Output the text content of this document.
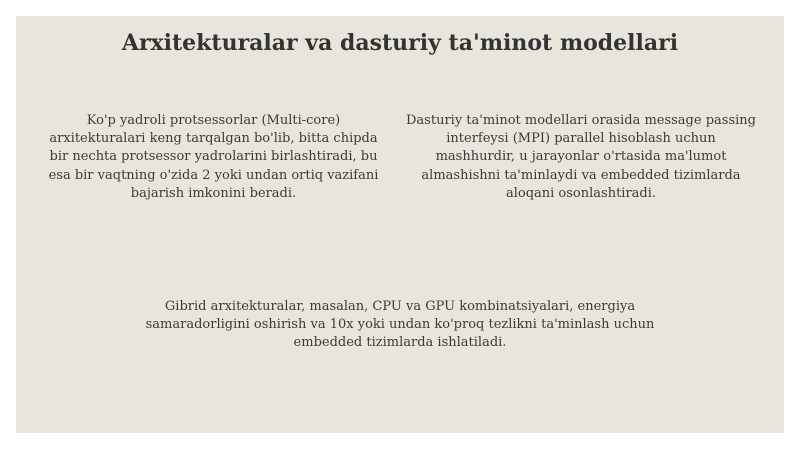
Arxitekturalar va dasturiy ta'minot modellari
Ko'p yadroli protsessorlar (Multi-core) arxitekturalari keng tarqalgan bo'lib, bitta chipda bir nechta protsessor yadrolarini birlashtiradi, bu esa bir vaqtning o'zida 2 yoki undan ortiq vazifani bajarish imkonini beradi.
Dasturiy ta'minot modellari orasida message passing interfeysi (MPI) parallel hisoblash uchun mashhurdir, u jarayonlar o'rtasida ma'lumot almashishni ta'minlaydi va embedded tizimlarda aloqani osonlashtiradi.
Gibrid arxitekturalar, masalan, CPU va GPU kombinatsiyalari, energiya samaradorligini oshirish va 10x yoki undan ko'proq tezlikni ta'minlash uchun embedded tizimlarda ishlatiladi.
